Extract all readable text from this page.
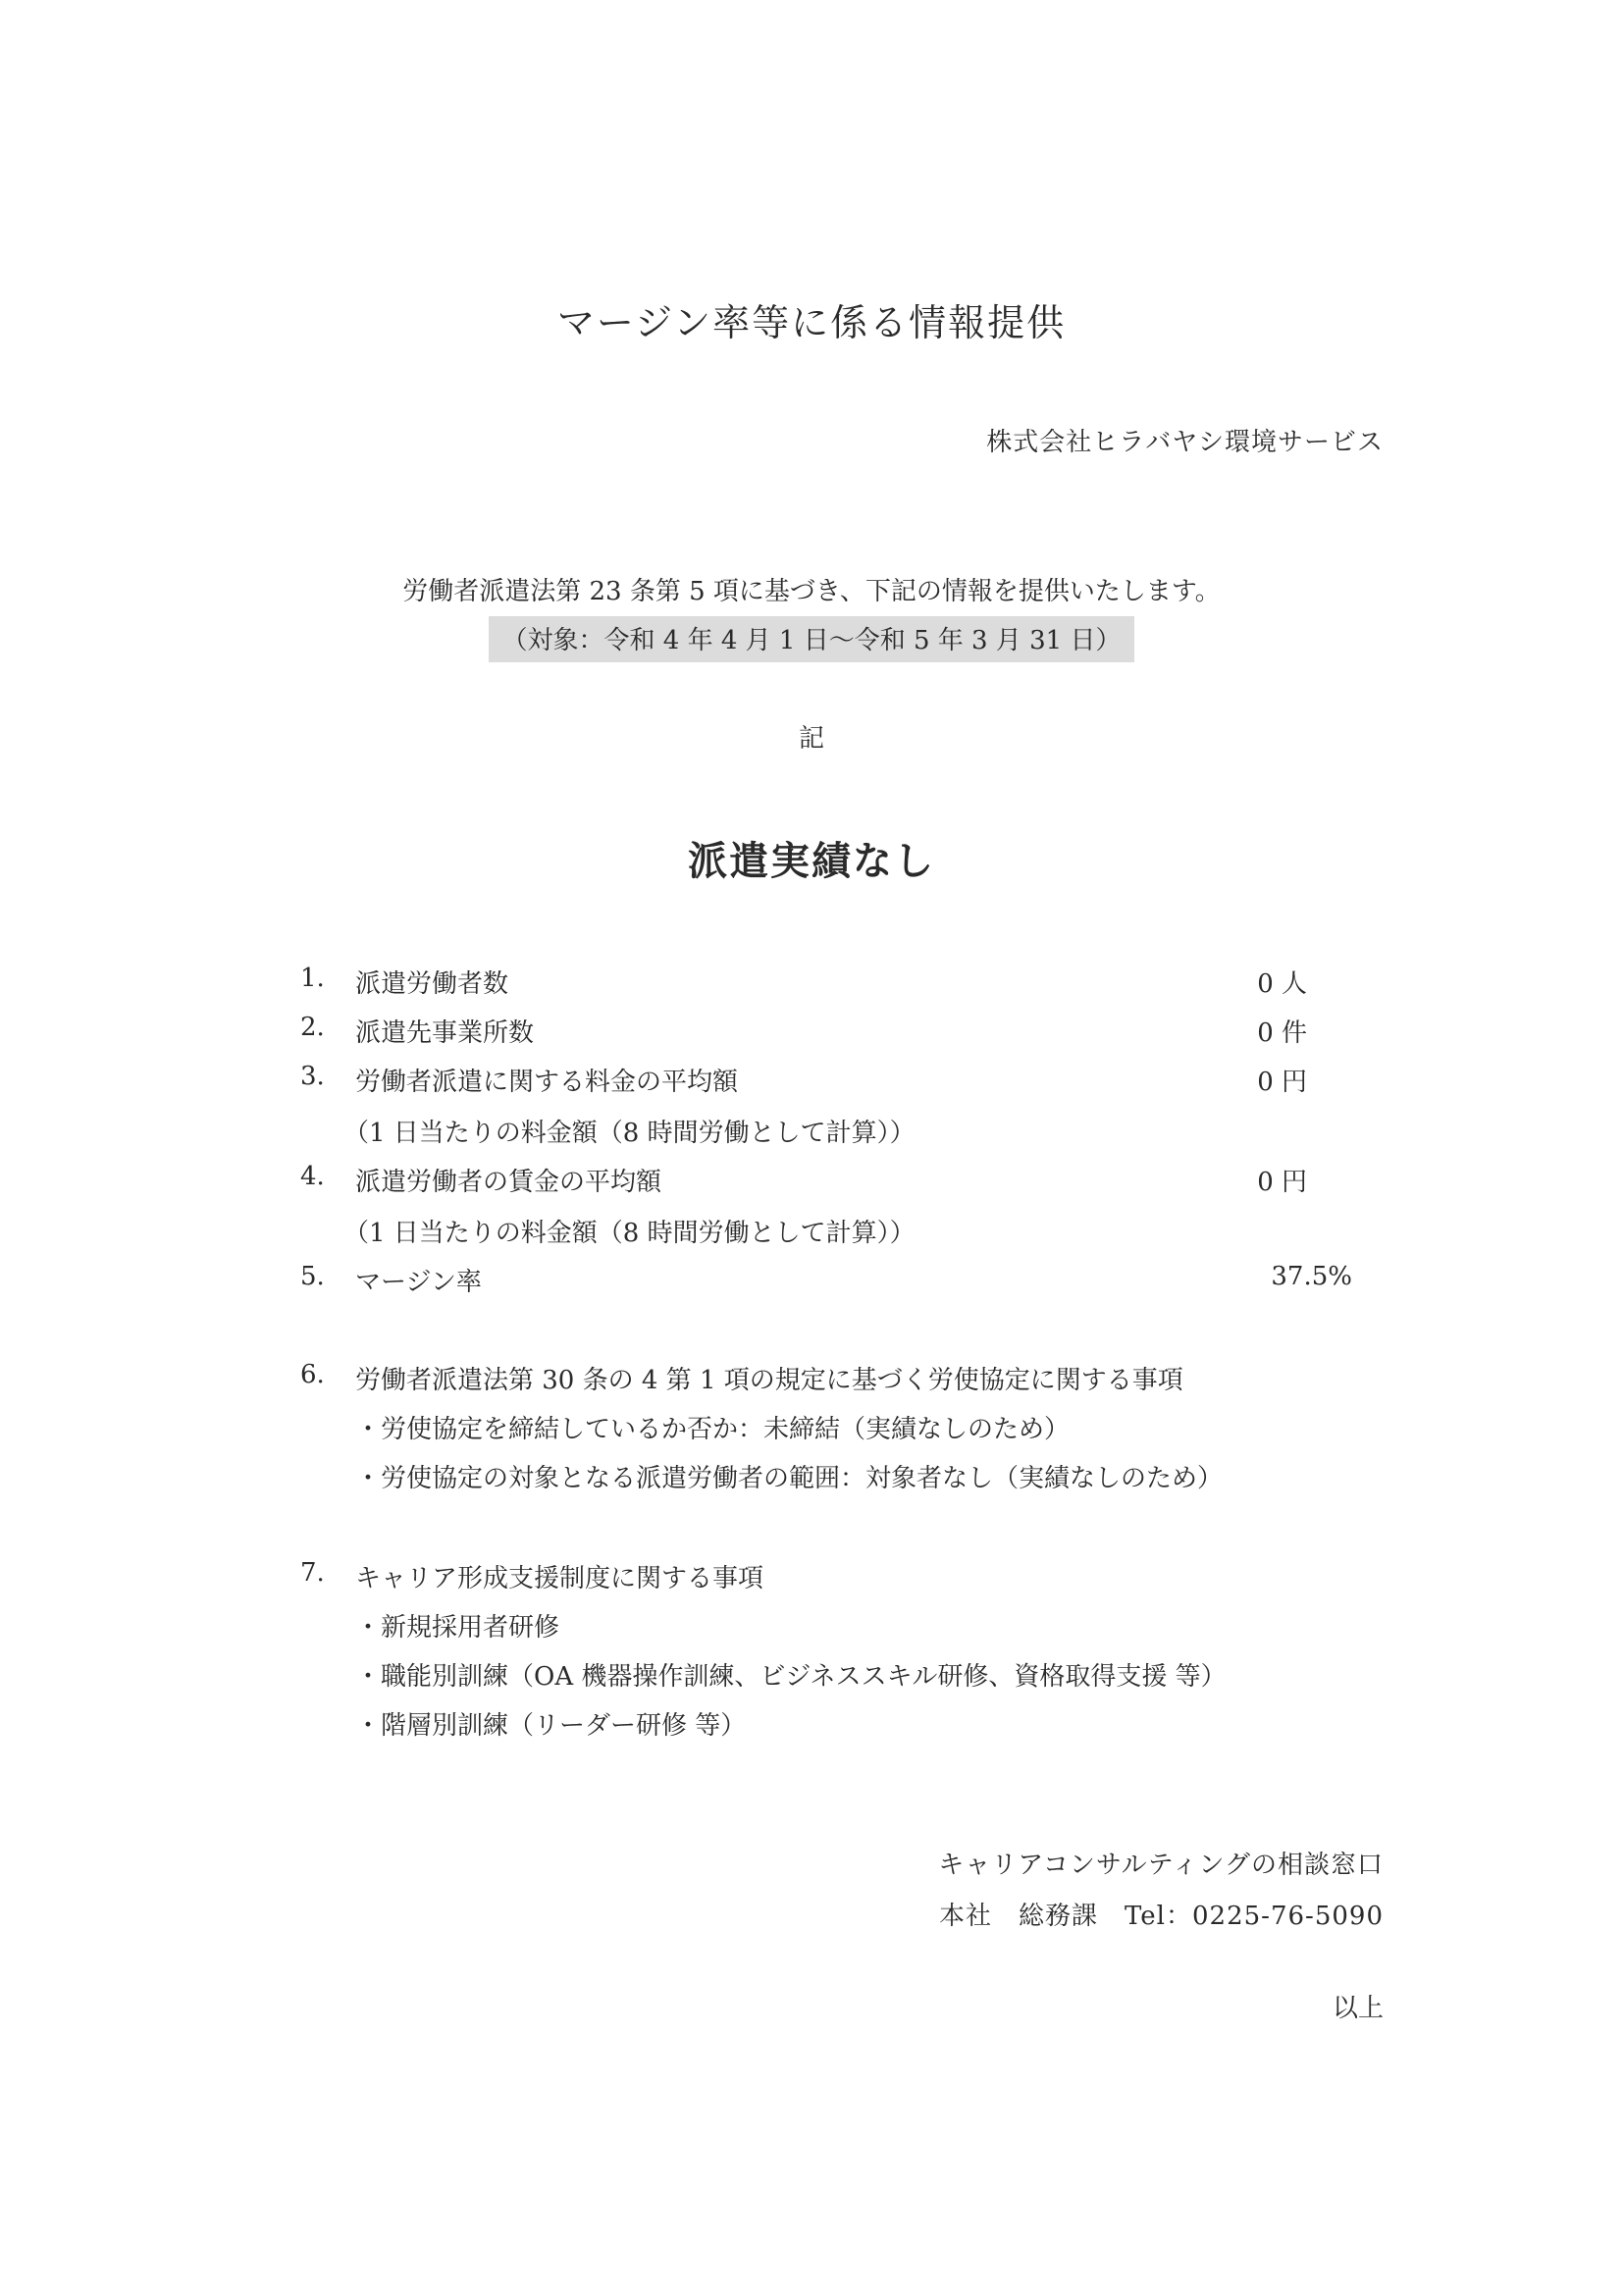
マージン率等に係る情報提供
株式会社ヒラバヤシ環境サービス
労働者派遣法第 23 条第 5 項に基づき、下記の情報を提供いたします。
（対象：令和 4 年 4 月 1 日～令和 5 年 3 月 31 日）
記
派遣実績なし
1. 派遣労働者数	0 人
2. 派遣先事業所数	0 件
3. 労働者派遣に関する料金の平均額	0 円
（1 日当たりの料金額（8 時間労働として計算））
4. 派遣労働者の賃金の平均額	0 円
（1 日当たりの料金額（8 時間労働として計算））
5. マージン率	37.5%
6. 労働者派遣法第 30 条の 4 第 1 項の規定に基づく労使協定に関する事項
・労使協定を締結しているか否か：未締結（実績なしのため）
・労使協定の対象となる派遣労働者の範囲：対象者なし（実績なしのため）
7. キャリア形成支援制度に関する事項
・新規採用者研修
・職能別訓練（OA 機器操作訓練、ビジネススキル研修、資格取得支援 等）
・階層別訓練（リーダー研修 等）
キャリアコンサルティングの相談窓口
本社　総務課　Tel：0225-76-5090
以上
